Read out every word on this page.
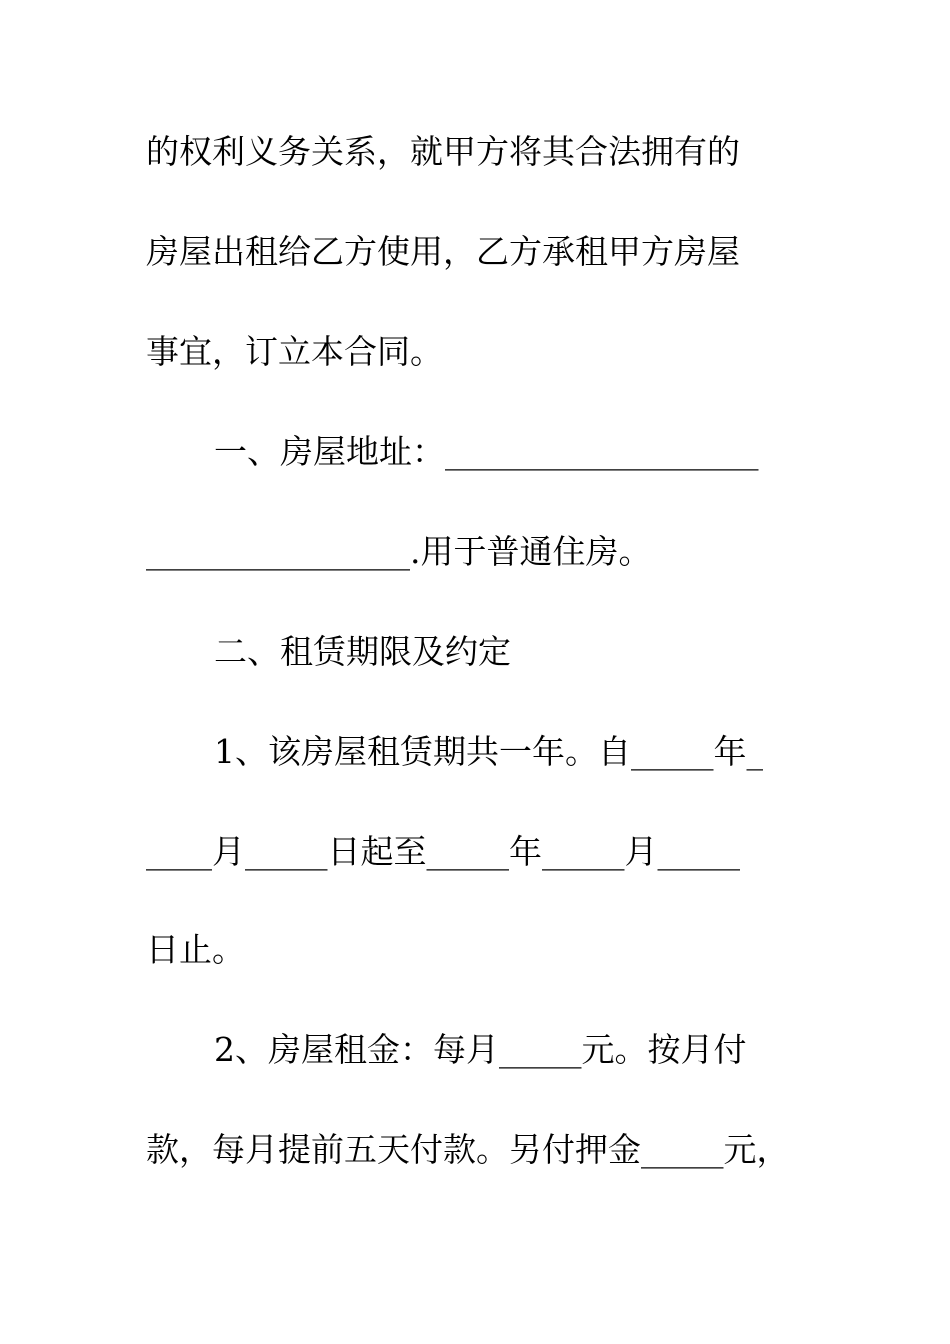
的权利义务关系，就甲方将其合法拥有的
房屋出租给乙方使用，乙方承租甲方房屋
事宜，订立本合同。
一、房屋地址：___________________
________________.用于普通住房。
二、租赁期限及约定
1、该房屋租赁期共一年。自_____年_
____月_____日起至_____年_____月_____
日止。
2、房屋租金：每月_____元。按月付
款，每月提前五天付款。另付押金_____元，
